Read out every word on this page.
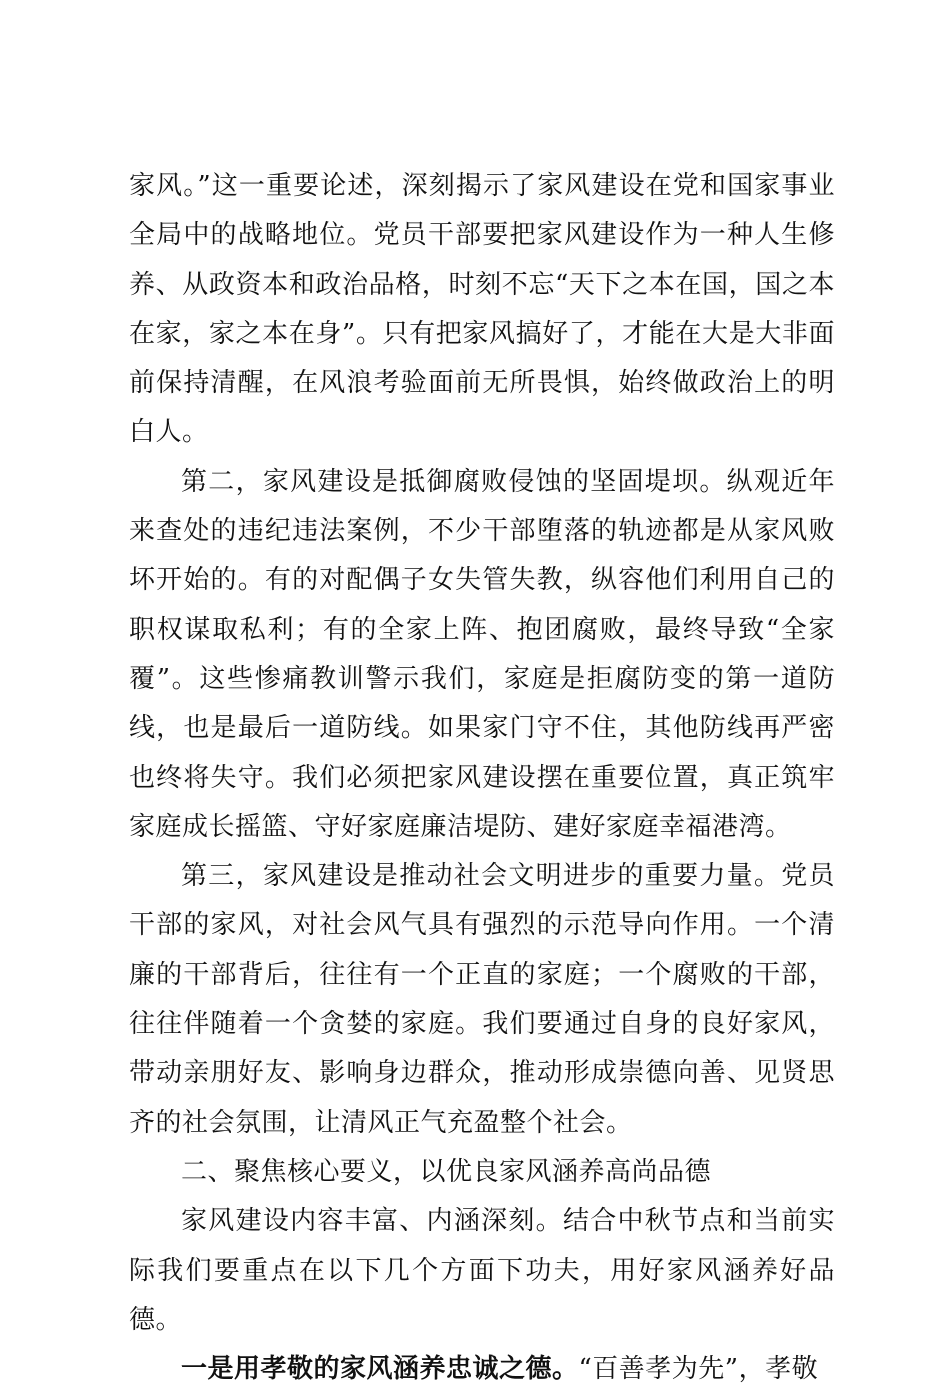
家风。”这一重要论述，深刻揭示了家风建设在党和国家事业全局中的战略地位。党员干部要把家风建设作为一种人生修养、从政资本和政治品格，时刻不忘“天下之本在国，国之本在家，家之本在身”。只有把家风搞好了，才能在大是大非面前保持清醒，在风浪考验面前无所畏惧，始终做政治上的明白人。

第二，家风建设是抵御腐败侵蚀的坚固堤坝。纵观近年来查处的违纪违法案例，不少干部堕落的轨迹都是从家风败坏开始的。有的对配偶子女失管失教，纵容他们利用自己的职权谋取私利；有的全家上阵、抱团腐败，最终导致“全家覆”。这些惨痛教训警示我们，家庭是拒腐防变的第一道防线，也是最后一道防线。如果家门守不住，其他防线再严密也终将失守。我们必须把家风建设摆在重要位置，真正筑牢家庭成长摇篮、守好家庭廉洁堤防、建好家庭幸福港湾。

第三，家风建设是推动社会文明进步的重要力量。党员干部的家风，对社会风气具有强烈的示范导向作用。一个清廉的干部背后，往往有一个正直的家庭；一个腐败的干部，往往伴随着一个贪婪的家庭。我们要通过自身的良好家风，带动亲朋好友、影响身边群众，推动形成崇德向善、见贤思齐的社会氛围，让清风正气充盈整个社会。

二、聚焦核心要义，以优良家风涵养高尚品德

家风建设内容丰富、内涵深刻。结合中秋节点和当前实际我们要重点在以下几个方面下功夫，用好家风涵养好品德。

一是用孝敬的家风涵养忠诚之德。“百善孝为先”，孝敬
